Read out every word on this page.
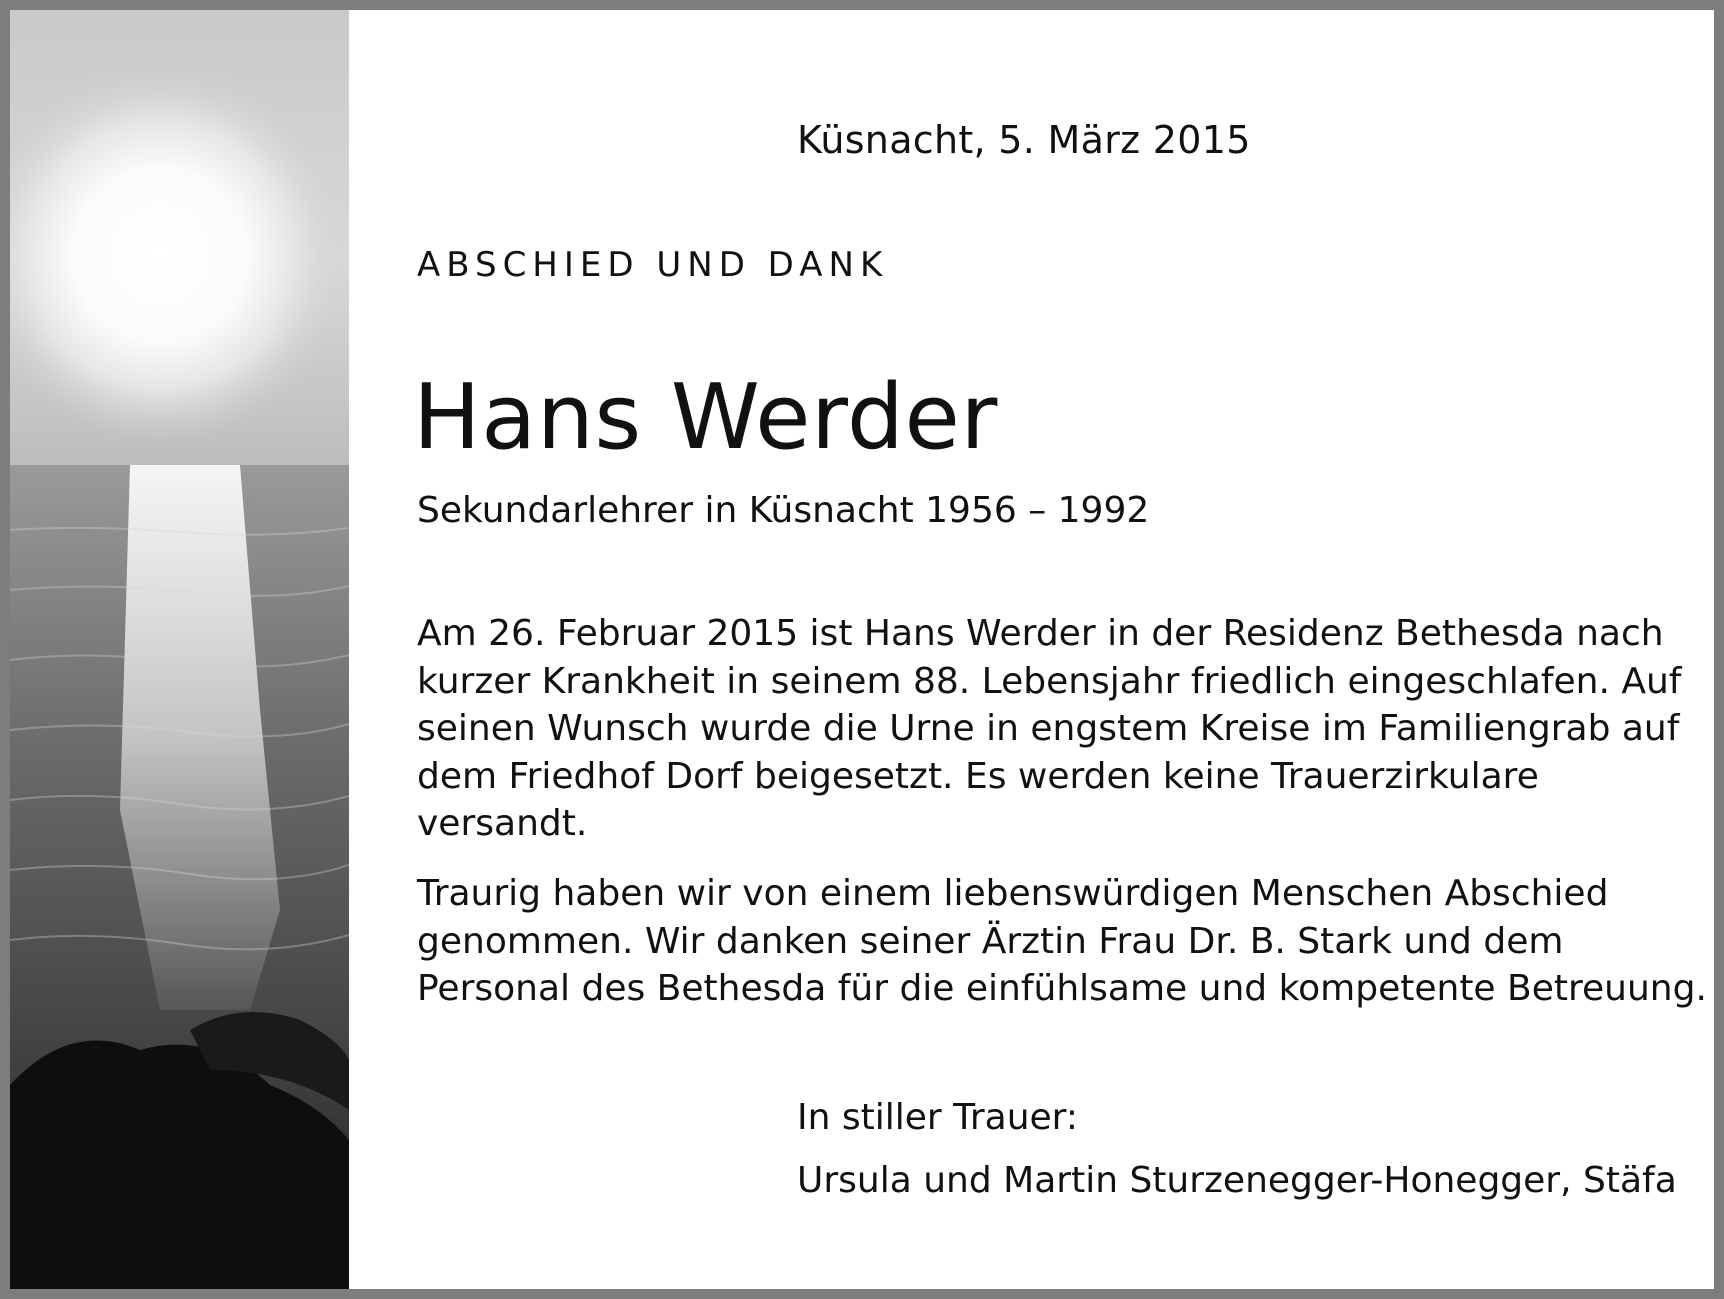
Küsnacht, 5. März 2015
ABSCHIED UND DANK
Hans Werder
Sekundarlehrer in Küsnacht 1956 – 1992

Am 26. Februar 2015 ist Hans Werder in der Residenz Bethesda nach kurzer Krankheit in seinem 88. Lebensjahr friedlich eingeschlafen. Auf seinen Wunsch wurde die Urne in engstem Kreise im Familiengrab auf dem Friedhof Dorf beigesetzt. Es werden keine Trauerzirkulare versandt.

Traurig haben wir von einem liebenswürdigen Menschen Abschied genommen. Wir danken seiner Ärztin Frau Dr. B. Stark und dem Personal des Bethesda für die einfühlsame und kompetente Betreuung.

In stiller Trauer:
Ursula und Martin Sturzenegger-Honegger, Stäfa
